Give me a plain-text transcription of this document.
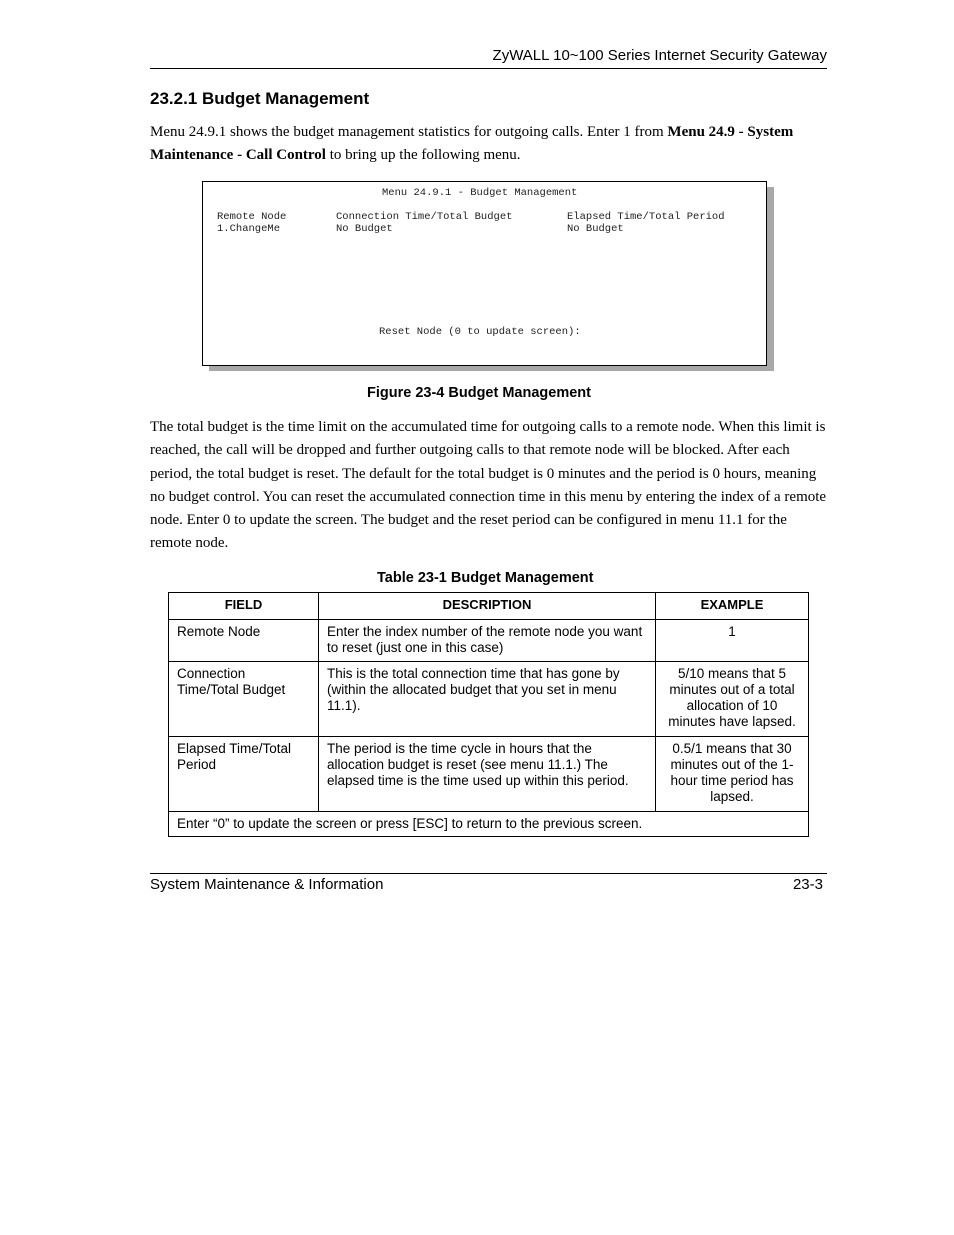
ZyWALL 10~100 Series Internet Security Gateway
23.2.1 Budget Management

Menu 24.9.1 shows the budget management statistics for outgoing calls. Enter 1 from Menu 24.9 - System Maintenance - Call Control to bring up the following menu.

Menu 24.9.1 - Budget Management
Remote Node	Connection Time/Total Budget	Elapsed Time/Total Period
1.ChangeMe	No Budget	No Budget
Reset Node (0 to update screen):

Figure 23-4 Budget Management

The total budget is the time limit on the accumulated time for outgoing calls to a remote node. When this limit is reached, the call will be dropped and further outgoing calls to that remote node will be blocked. After each period, the total budget is reset. The default for the total budget is 0 minutes and the period is 0 hours, meaning no budget control. You can reset the accumulated connection time in this menu by entering the index of a remote node. Enter 0 to update the screen. The budget and the reset period can be configured in menu 11.1 for the remote node.

Table 23-1 Budget Management

FIELD	DESCRIPTION	EXAMPLE
Remote Node	Enter the index number of the remote node you want to reset (just one in this case)	1
Connection Time/Total Budget	This is the total connection time that has gone by (within the allocated budget that you set in menu 11.1).	5/10 means that 5 minutes out of a total allocation of 10 minutes have lapsed.
Elapsed Time/Total Period	The period is the time cycle in hours that the allocation budget is reset (see menu 11.1.) The elapsed time is the time used up within this period.	0.5/1 means that 30 minutes out of the 1-hour time period has lapsed.
Enter “0” to update the screen or press [ESC] to return to the previous screen.		
System Maintenance & Information	23-3
